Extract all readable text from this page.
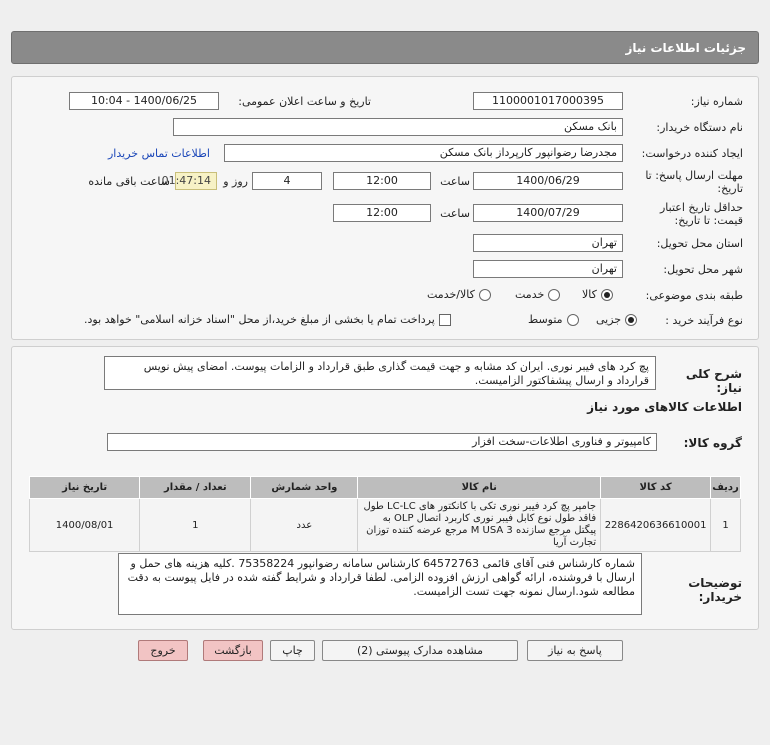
جزئیات اطلاعات نیاز
شماره نیاز:
1100001017000395
تاریخ و ساعت اعلان عمومی:
1400/06/25 - 10:04
نام دستگاه خریدار:
بانک مسکن
ایجاد کننده درخواست:
مجدرضا رضوانپور کارپرداز بانک مسکن
اطلاعات تماس خریدار
مهلت ارسال پاسخ: تا
تاریخ:
1400/06/29
ساعت
12:00
4
روز و
01:47:14
ساعت باقی مانده
حداقل تاریخ اعتبار
قیمت: تا تاریخ:
1400/07/29
ساعت
12:00
استان محل تحویل:
تهران
شهر محل تحویل:
تهران
طبقه بندی موضوعی:
کالا
خدمت
کالا/خدمت
نوع فرآیند خرید :
جزیی
متوسط
پرداخت تمام یا بخشی از مبلغ خرید،از محل "اسناد خزانه اسلامی" خواهد بود.
شرح کلی نیاز:
پچ کرد های فیبر نوری. ایران کد مشابه و جهت قیمت گذاری طبق قرارداد و الزامات پیوست. امضای پیش نویس قرارداد و ارسال پیشفاکتور الزامیست.
اطلاعات کالاهای مورد نیاز
گروه کالا:
کامپیوتر و فناوری اطلاعات-سخت افزار
ردیف	کد کالا	نام کالا	واحد شمارش	تعداد / مقدار	تاریخ نیاز
1	2286420636610001	جامپر پچ کرد فیبر نوری تکی با کانکتور های LC-LC طول فاقد طول نوع کابل فیبر نوری کاربرد اتصال OLP به پیگتل مرجع سازنده M USA 3 مرجع عرضه کننده توزان تجارت آریا	عدد	1	1400/08/01
توضیحات خریدار:
شماره کارشناس فنی آقای قائمی 64572763 کارشناس سامانه رضوانپور 75358224 .کلیه هزینه های حمل و ارسال با فروشنده، ارائه گواهی ارزش افزوده الزامی. لطفا قرارداد و شرایط گفته شده در فایل پیوست به دقت مطالعه شود.ارسال نمونه جهت تست الزامیست.
پاسخ به نیاز
مشاهده مدارک پیوستی (2)
چاپ
بازگشت
خروج
